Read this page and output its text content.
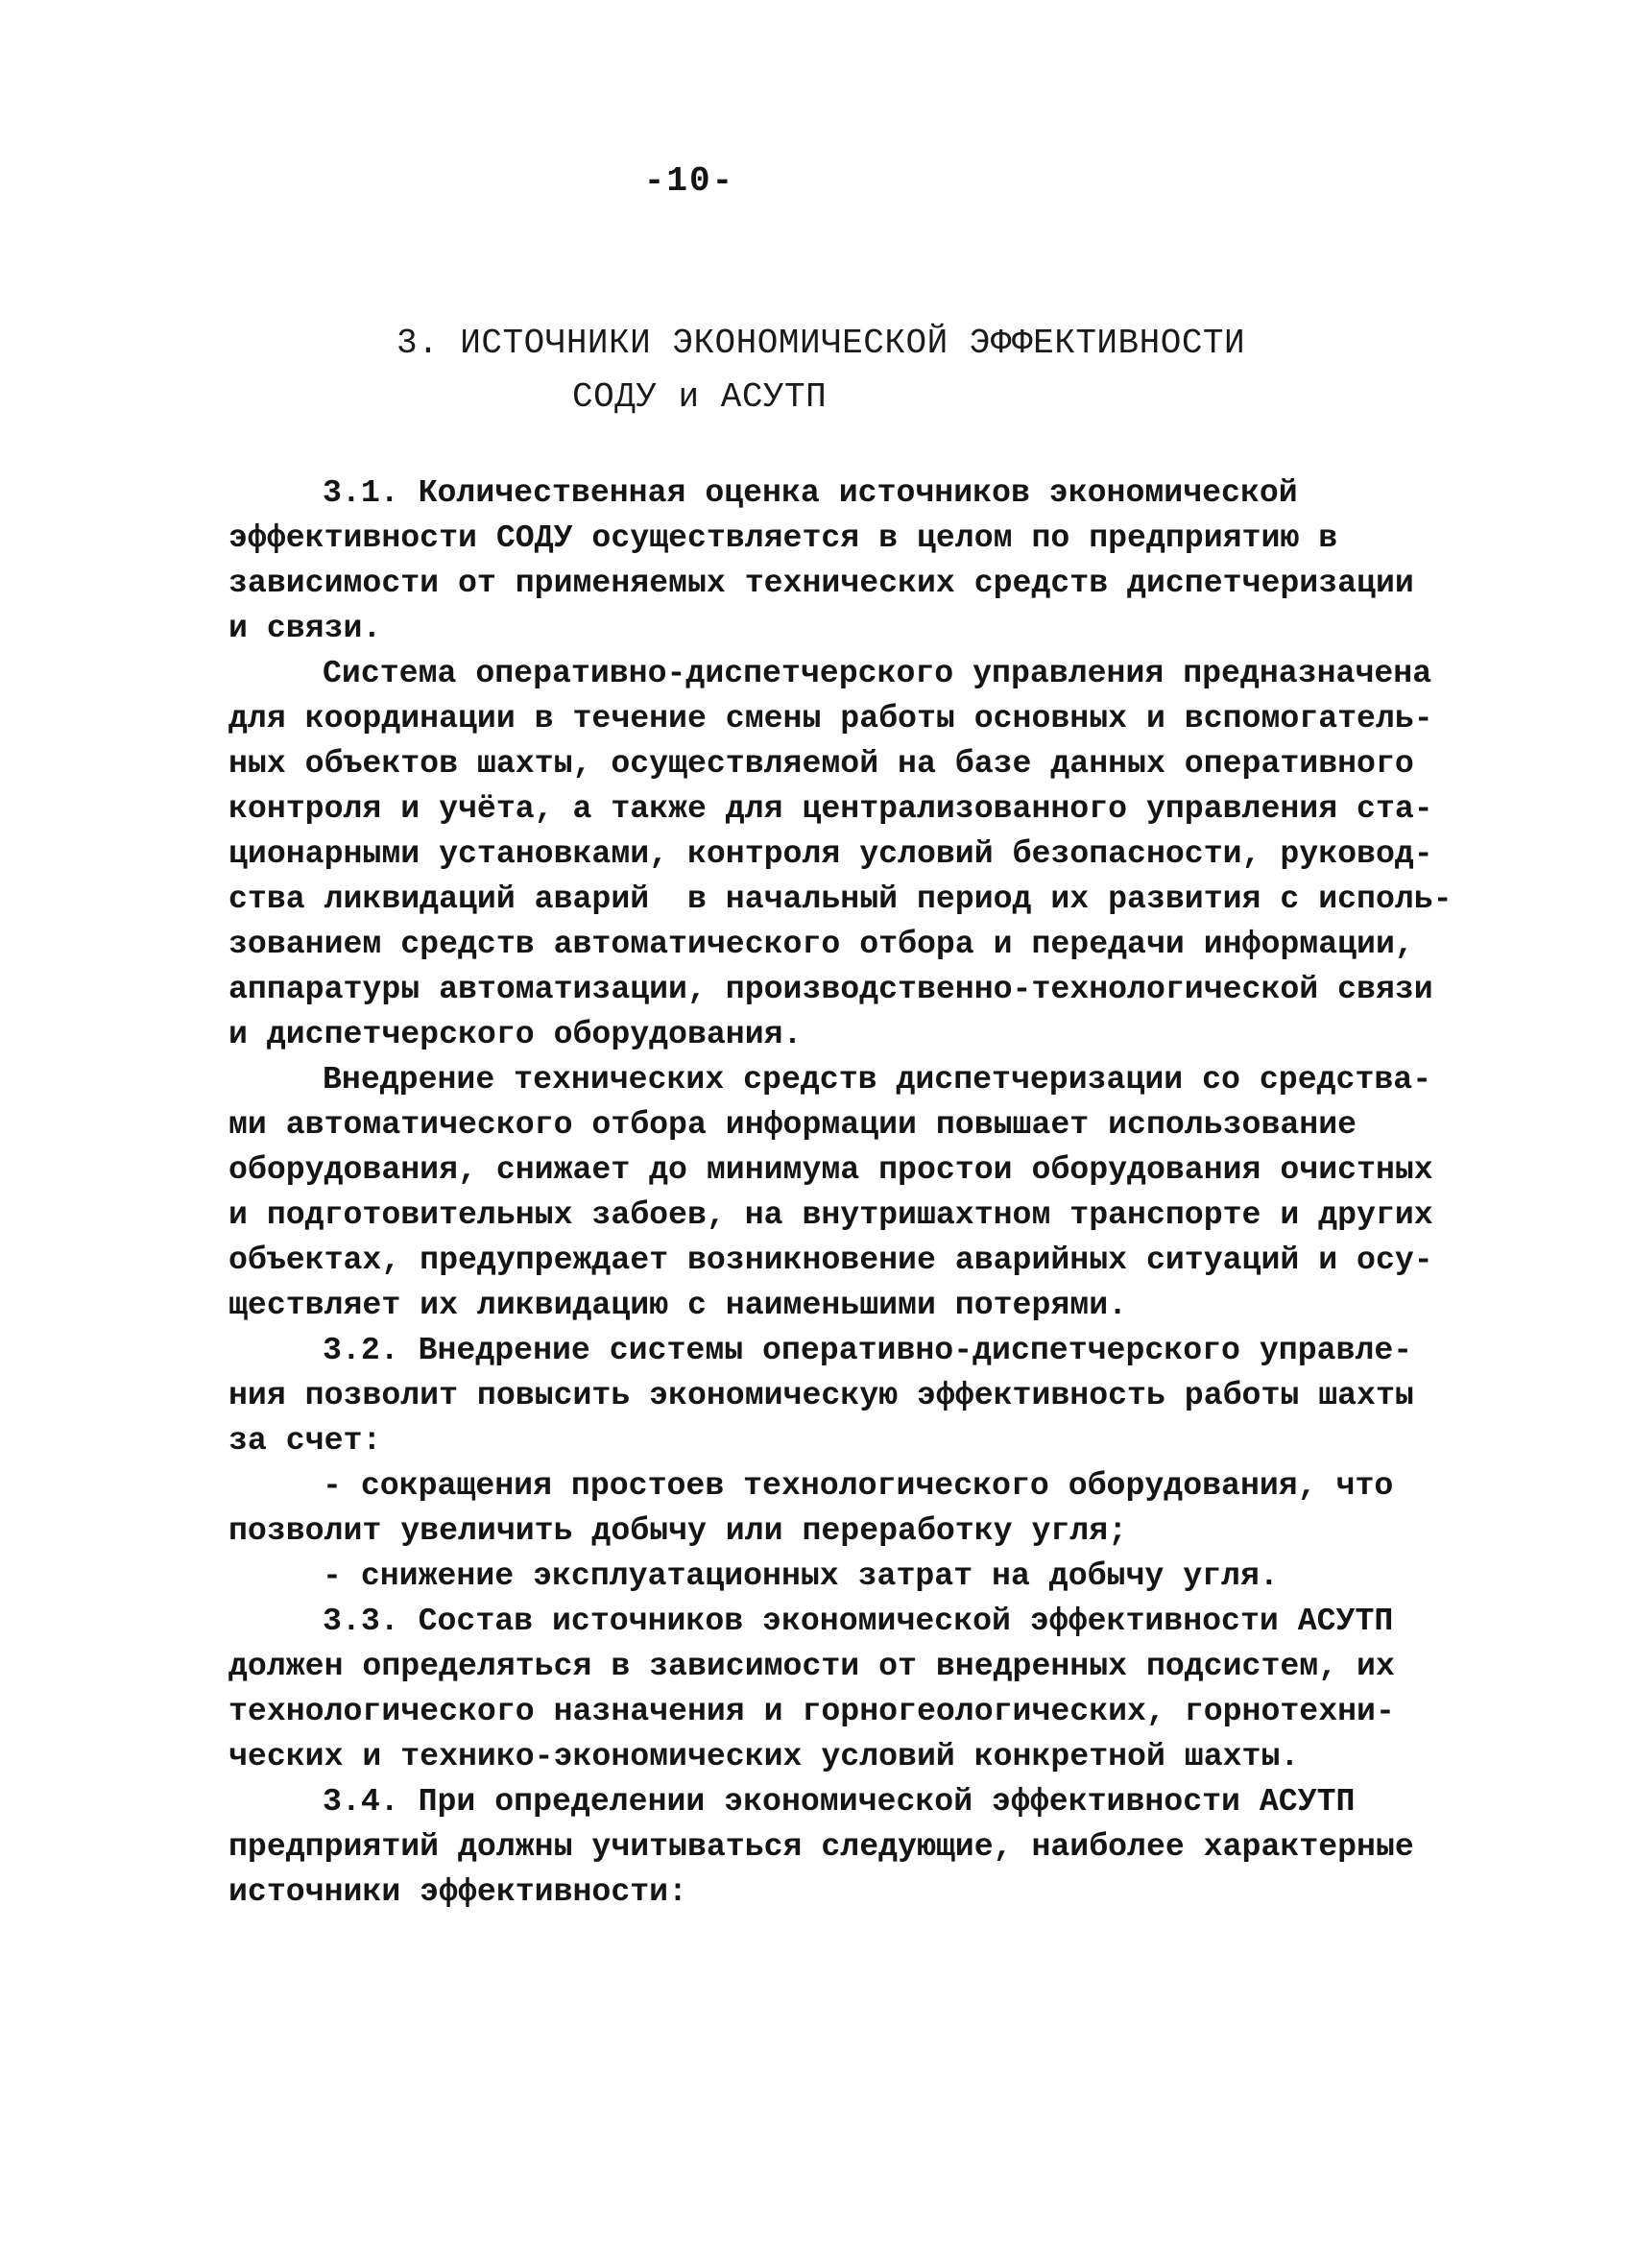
-10-
3. ИСТОЧНИКИ ЭКОНОМИЧЕСКОЙ ЭФФЕКТИВНОСТИ
СОДУ и АСУТП
3.1. Количественная оценка источников экономической
эффективности СОДУ осуществляется в целом по предприятию в
зависимости от применяемых технических средств диспетчеризации
и связи.
Система оперативно-диспетчерского управления предназначена
для координации в течение смены работы основных и вспомогатель-
ных объектов шахты, осуществляемой на базе данных оперативного
контроля и учёта, а также для централизованного управления ста-
ционарными установками, контроля условий безопасности, руковод-
ства ликвидаций аварий  в начальный период их развития с исполь-
зованием средств автоматического отбора и передачи информации,
аппаратуры автоматизации, производственно-технологической связи
и диспетчерского оборудования.
Внедрение технических средств диспетчеризации со средства-
ми автоматического отбора информации повышает использование
оборудования, снижает до минимума простои оборудования очистных
и подготовительных забоев, на внутришахтном транспорте и других
объектах, предупреждает возникновение аварийных ситуаций и осу-
ществляет их ликвидацию с наименьшими потерями.
3.2. Внедрение системы оперативно-диспетчерского управле-
ния позволит повысить экономическую эффективность работы шахты
за счет:
- сокращения простоев технологического оборудования, что
позволит увеличить добычу или переработку угля;
- снижение эксплуатационных затрат на добычу угля.
3.3. Состав источников экономической эффективности АСУТП
должен определяться в зависимости от внедренных подсистем, их
технологического назначения и горногеологических, горнотехни-
ческих и технико-экономических условий конкретной шахты.
3.4. При определении экономической эффективности АСУТП
предприятий должны учитываться следующие, наиболее характерные
источники эффективности:
